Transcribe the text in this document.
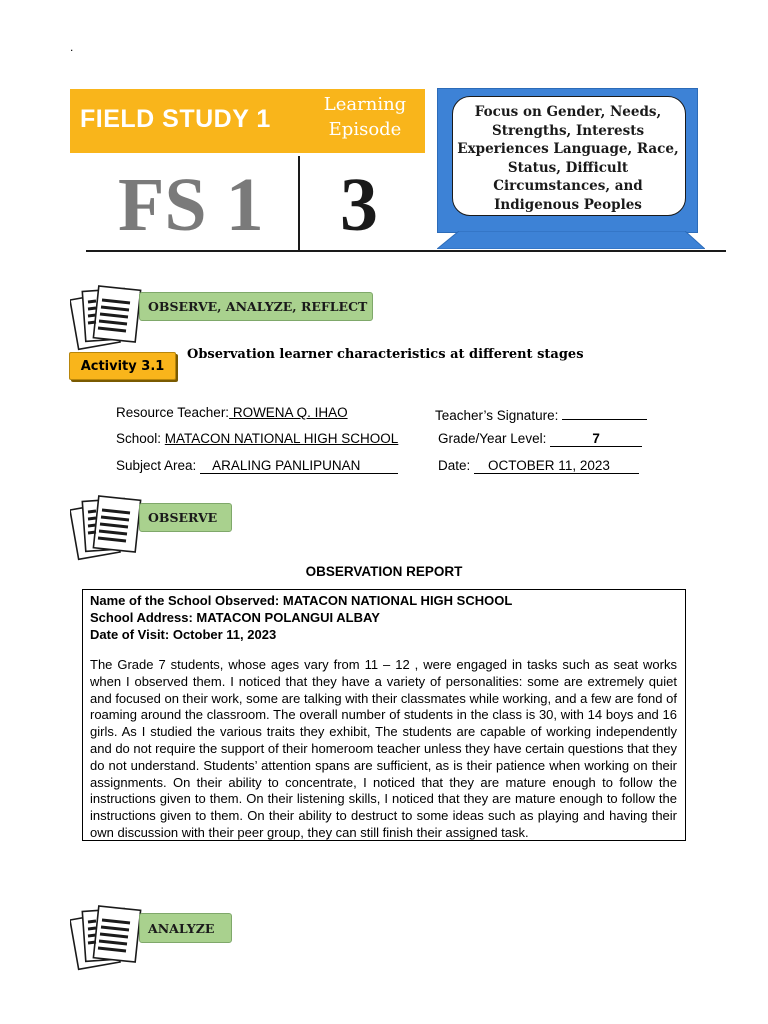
.
FIELD STUDY 1
Learning
Episode
FS 1 3
Focus on Gender, Needs, Strengths, Interests Experiences Language, Race, Status, Difficult Circumstances, and Indigenous Peoples
OBSERVE, ANALYZE, REFLECT
Activity 3.1
Observation learner characteristics at different stages
Resource Teacher: ROWENA Q. IHAO	Teacher’s Signature:
School: MATACON NATIONAL HIGH SCHOOL	Grade/Year Level:	7
Subject Area: ARALING PANLIPUNAN	Date: OCTOBER 11, 2023
OBSERVE
OBSERVATION REPORT
Name of the School Observed: MATACON NATIONAL HIGH SCHOOL
School Address: MATACON POLANGUI ALBAY
Date of Visit: October 11, 2023
The Grade 7 students, whose ages vary from 11 – 12 , were engaged in tasks such as seat works when I observed them. I noticed that they have a variety of personalities: some are extremely quiet and focused on their work, some are talking with their classmates while working, and a few are fond of roaming around the classroom. The overall number of students in the class is 30, with 14 boys and 16 girls. As I studied the various traits they exhibit, The students are capable of working independently and do not require the support of their homeroom teacher unless they have certain questions that they do not understand. Students’ attention spans are sufficient, as is their patience when working on their assignments. On their ability to concentrate, I noticed that they are mature enough to follow the instructions given to them. On their listening skills, I noticed that they are mature enough to follow the instructions given to them. On their ability to destruct to some ideas such as playing and having their own discussion with their peer group, they can still finish their assigned task.
ANALYZE
